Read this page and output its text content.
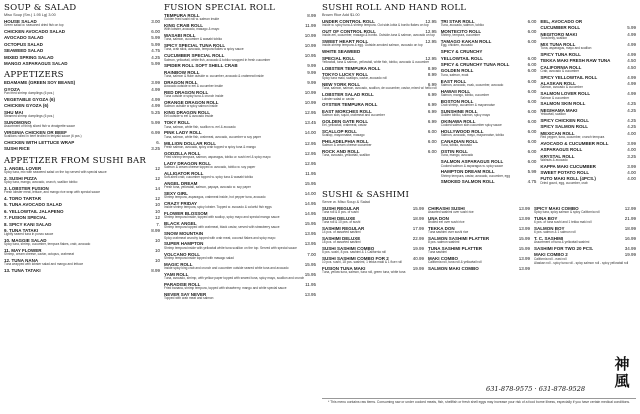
SOUP & SALAD
Miso Soup (Sm.) 1.95 Lg) 3.00
HOUSE SALAD	3.00
Green salad w. seasoned dried fish on top
CHICKEN AVOCADO SALAD	6.00
AVOCADO SALAD	5.99
OCTOPUS SALAD	5.99
SEAWEED SALAD	4.75
MIXED SPRING SALAD	4.25
MANGO ASPARAGUS SALAD	5.99
APPETIZERS
EDAMAME (GREEN SOY BEANS)	3.99
GYOZA	4.99
Pan fried shrimp dumplings (6 pcs.)
VEGETABLE GYOZA (6)	4.99
CHICKEN GYOZA (6)	4.99
SHU MAI	5.25
Steamed shrimp dumplings (6 pcs.)
SUNOMONO	5.99
Assortment of thinly sliced fish w vinaigrette sauce
VIRGINIA CHICKEN OR BEEF	6.99
Scallions rolled in beef broiled in teriyaki sauce (6 pcs.)
CHICKEN WITH LETTUCE WRAP	6.
SUSHI RICE	3.25
APPETIZER FROM SUSHI BAR
1. ANGEL LOVER	12
Spicy tuna, mix with seaweed salad on the top served with special sauce
2. SUSHI PIZZA	12
Spicy tuna, mango, avocado, crunch, scallion tobiko
3. LOBSTER FUSION	14
Fresh lobster meat, lettuce, and mango rice wrap with special sauce
4. TORO TARTAR	12
5. TUNA AVOCADO SALAD	10
6. YELLOWTAIL JALAPENO	10
7. FUSION SPECIAL	12
8. SPICY KANI SALAD	7.
9. TUNA TATAKI	8.99
Lightly seared tuna in ponzu sauce
10. MAGGIE SALAD	10
Spicy tuna, shrimp, cucumber, tempura flakes, crab, avocado
11. MAY FLOWER	10
Shrimp, cream cheese, caviar, octopus, crabmeat
12. TUNA NANA	10
Tuna wrapped with lobster salad and mango and lettuce
13. TUNA TATAKI	8.99
FUSION SPECIAL ROLL
TEMPURA ROLL	8.99
Golden fried sushi roll w. salmon inside
KING CRAB ROLL	11.99
With lobster, avocado, masago & mayo
WASABI ROLL	10.99
Tuna, salmon, cucumber & wasabi tobiko
SPICY SPECIAL TUNA ROLL	10.99
Tuna, crab stick, avocado, tempura flakes w spicy sauce
CUCUMBER SPECIAL ROLL	10.95
Salmon, yellowtail, white fish, avocado & tobiko wrapped in fresh cucumber
SPIDER ROLL SOFT SHELL CRAB	9.99
RAINBOW ROLL	9.99
Tuna, salmon & fluke outside w. cucumber, avocado & crabmeat inside
DRAGON ROLL	9.99
Avocado outside w eel & cucumber inside
RED DRAGON ROLL	10.99
Tuna outside w spicy tuna & crunch inside
ORANGE DRAGON ROLL	10.99
Salmon outside w spicy salmon inside
KING DRAGON ROLL	12.95
Eel outside w eel & avocado inside
TOKY ROLL	13.45
Tuna, salmon, white fish, scallion w. eel & avocado
PINK LADY ROLL	14.00
Tuna, salmon, white fish, crabmeat, avocado, cucumber w soy paper
MILLION DOLLAR ROLL	12.95
Fresh salmon, avocado, spicy crab topped w spicy tuna & mango
GODZILLA ROLL	12.95
Fried shrimp tempura, salmon, asparagus, tobiko w. sushi eel & spicy mayo
LADY DRAGON ROLL	12.95
Salmon & cream cheese topped w. avocado, tobiko w. soy paper
ALLIGATOR ROLL	11.95
Soft-shell crab, cucumber topped w. spicy tuna & wasabi tobiko
ANGEL DREAM	15.95
Fresh tuna, yellowtail, salmon, papaya, avocado w. soy paper
SEXY GIRL	14.00
Shrimp tempura, asparagus, crabmeat inside, hot pepper tuna, avocado
CRAZY FRIDAY	14.95
Inside shrimp tempura, spicy lobster. Topped w. avocado & colorful fish eggs
FLOWER BLOSSOM	14.95
Shrimp tempura inside, topped with scallop, spicy mayo and special mango sauce
BLACK ANGEL	15.95
Shrimp tempura topped with crabmeat, black caviar, served with strawberry sauce
SNOW MOUNTAIN	13.95
Spicy crabmeat crunchy topped with crab meat, coconut flakes and spicy mayo
SUPER HAMPTON	13.95
Shrimp tempura inside with yellowtail white tuna scallion on the top. Served with special sauce
VOLCANO ROLL	7.00
Shrimp tempura inside topped with masago salad
MAGIC ROLL	15.95
Inside spicy king crab and crunch and cucumber outside seared white tuna and avocado
YAMI ROLL	15.95
Tuna, avocado, shrimp, with yellow paper topped with seared tuna, spicy mayo, scallion and crunch
PARADISE ROLL	11.95
Fried banana, shrimp tempura, topped with strawberry, mango and white special sauce
NEVER SAY NEVER	13.95
Topped with crab meat and salmon
SUSHI ROLL AND HAND ROLL
Brown Rice Add $1.00
UNDER CONTROL ROLL	12.95
Inside w. spicy tuna & shrimp tempura. Out side-lobia & bonito flakes on top
OUT OF CONTROL ROLL	12.95
Inside-eel, cucumber, masago & bonito. Outside-tuna & salmon, avocado on top
SWEET HEART ROLL	12.95
Inside-shrimp tempura & egg. Outside-smoked salmon, avocado on top
WHITE SEAWEED
SPECIAL ROLL	12.95
Yellowtail, tuna & salmon, yellowtail, white fish, tobiko, avocado & cucumber
LOBSTER TEMPURA ROLL	8.99
TOKYO LUCKY ROLL	8.99
Spicy tuna maki, scallops, caviar, avocado roll
NEW YORK ROLL	6.99
Tuna, salmon, salmon, avocado, scallion, de cucumber, caviar, mixed w/ hello roll
LOBSTER SALAD ROLL	6.99
Lobster salad w. caviar
OYSTER TEMPURA ROLL	6.99
EAST MORCHES ROLL	6.99
Salmon skin, squid, crabmeat and cucumber
GOLDEN GATE ROLL	6.99
Eel, yellowtail, crabmeat, caviar
SCALLOP ROLL	6.00
Scallop, mayonnaise, masago
PHILADELPHIA ROLL	6.00
Salmon & cream cheese cucumber
ROCK AND ROLL	6.00
Tuna, avocado, yellowtail, scallion
TRI STAR ROLL	6.00
Tuna, avocado, salmon, tobiko
MONTECITO ROLL	6.00
Shrimp, tempura, cucumber
TAMAGO KAKAN ROLL	6.00
Egg, chicken, avocado
SPICY & CRUNCHY
YELLOWTAIL ROLL	6.00
SPICY & CRUNCHY TUNA ROLL	6.00
GOLDEN ROLL	6.00
Tuna, salmon, ecak
EAST ROLL	6.00
Salmon, avocado, ecak, cucumber, avocado
HAWAII ROLL	6.00
Salmon, mango, tobiko, cucumber
BOSTON ROLL	6.00
Crab shrimp, cucumber & mayonnaise
SUNSHINE ROLL	6.00
Golden tobiko, salmon, spicy mayo
OKINAWA ROLL	6.00
Cooked salmon skin cucumber spicy sauce
HOLLYWOOD ROLL	6.00
Salmon, avocado, mayo, mayonnaise, tobiko
CANADIAN ROLL	6.00
Tuna, tobiko, avocado
OSTIN ROLL	6.00
Tuna, mango, avocado
SALMON ASPARAGUS ROLL	6.00
Cooked salmon & asparagus w. spicy sauce
HAMPTON DREAM ROLL	5.99
Shrimp tempura, caviar, avocado, cucumber, egg
SMOKED SALMON ROLL	4.75
EEL, AVOCADO OR
CUCUMBER ROLL	5.99
NEGITORO MAKI	4.99
Tuna belly, scallion
MIX TUNA ROLL	4.99
Tuna, asparagus, mayo and scallion
SPICY TUNA ROLL	4.99
TEKKA MAKI FRESH RAW TUNA	4.50
CALIFORNIA ROLL	4.50
Crab, avocado & cucumber
SPICY YELLOWTAIL ROLL	4.99
ALASKAN ROLL	4.99
Salmon, avocado & cucumber
SALMON LOVER ROLL	4.99
Salmon & cucumber
SALMON SKIN ROLL	4.25
NEGIHAMA MAKI	4.25
Yellowtail, scallion
SPICY CHICKEN ROLL	4.25
SPICY SALMON ROLL	4.25
MEXICAN ROLL	4.00
Red pepper, tuna, cucumber, crunch tempura
AVOCADO & CUCUMBER ROLL	3.99
ASPARAGUS ROLL	4.00
KRYSTAL ROLL	3.25
Walnuts & avocado
KAPPA MAKI CUCUMBER	3.99
SWEET POTATO ROLL	4.00
FUTO MAKI ROLL (4PCS.)	4.00
Dried gourd, egg, cucumber, crab
SUSHI & SASHIMI
Serve w. Miso Soup & Salad
SUSHI REGULAR	15.99
Tuna roll & 8 pcs. of sushi
SUSHI DELUXE	18.99
Tuna roll & 10 pcs. of sushi
SASHIMI REGULAR	17.99
14 pcs. of assorted sashimi
SASHIMI DELUXE	22.99
18 pcs. of assorted sashimi
SUSHI SASHIMI COMBO	19.99
5 pcs. sushi, 8 pcs. sashimi & 1 California roll
SUSHI SASHIMI COMBO FOR 2	40.99
10 pcs. sushi, 18 pcs. sashimi, 1 tekka maki & 1 fluer roll
FUSION TUNA MAKI	19.99
Tuna, yellow tuna, salmon, tuna roll, green tuna, white tuna
CHIRASHI SUSHI	13.99
Assorted sashimi over sushi rice
UNA DON	13.99
Broiled eel over sushi rice
TEKKA DON	13.99
Tuna sashimi over sushi rice
SALMON SASHIMI PLATTER	15.99
8 pcs. salmon sashimi
TUNA SASHIMI PLATTER	15.99
Tuna sashimi
MAKI COMBO	13.99
California roll, tuna roll & yellowtail roll
SALMON MAKI COMBO	13.99
SPICY MAKI COMBO	12.99
Spicy tuna, spicy salmon & spicy California roll
TUNA BOY	21.99
6 pcs. of tuna sushi and 1 tekka maki roll
SALMON BOY	18.99
6 pcs. salmon & 1 salmon roll
T. C. SASHIMI	16.99
Assortment of tuna & yellowtail sashimi
SASHIMI FOR TWO 20 PCS.	34.99
MAKI COMBO 2	19.99
California roll - east roll
Alaskan roll - spicy tuna roll - spicy salmon roll - spicy yellowtail roll
631-878-9575 · 631-878-9528
神
風
* This menu contains raw items. Consuming raw or under cooked meats, fish, shellfish or fresh shell eggs may increase your risk of a food borne illness, especially if you have certain medical conditions.
